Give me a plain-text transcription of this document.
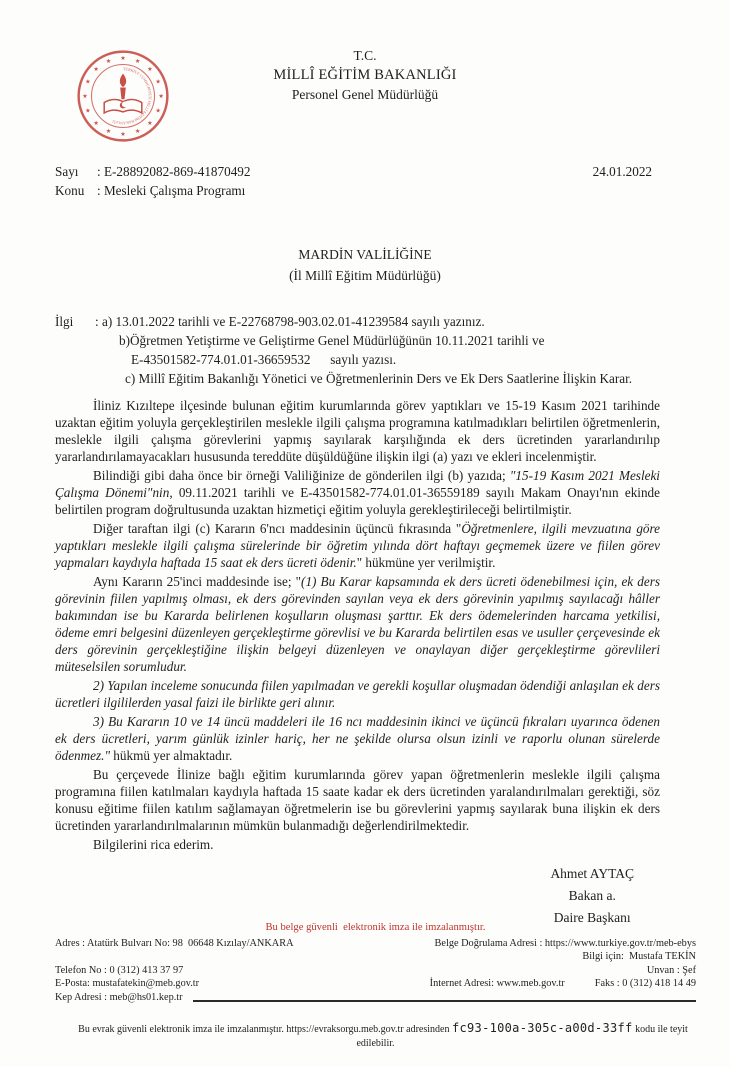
★ ★
★
★
★
★
★
★
★
★
★
★
★
★
★
★
TÜRKİYE CUMHURİYETİ MİLLÎ EĞİTİM BAKANLIĞI
T.C.
MİLLÎ EĞİTİM BAKANLIĞI
Personel Genel Müdürlüğü
Sayı	: E-28892082-869-41870492	24.01.2022
Konu : Mesleki Çalışma Programı
MARDİN VALİLİĞİNE
(İl Millî Eğitim Müdürlüğü)
İlgi	: a) 13.01.2022 tarihli ve E-22768798-903.02.01-41239584 sayılı yazınız.
b)Öğretmen Yetiştirme ve Geliştirme Genel Müdürlüğünün 10.11.2021 tarihli ve
E-43501582-774.01.01-36659532      sayılı yazısı.
c) Millî Eğitim Bakanlığı Yönetici ve Öğretmenlerinin Ders ve Ek Ders Saatlerine İlişkin Karar.

İliniz Kızıltepe ilçesinde bulunan eğitim kurumlarında görev yaptıkları ve 15-19 Kasım 2021 tarihinde uzaktan eğitim yoluyla gerçekleştirilen meslekle ilgili çalışma programına katılmadıkları belirtilen öğretmenlerin, meslekle ilgili çalışma görevlerini yapmış sayılarak karşılığında ek ders ücretinden yararlandırılıp yararlandırılamayacakları hususunda tereddüte düşüldüğüne ilişkin ilgi (a) yazı ve ekleri incelenmiştir.

Bilindiği gibi daha önce bir örneği Valiliğinize de gönderilen ilgi (b) yazıda; "15-19 Kasım 2021 Mesleki Çalışma Dönemi"nin, 09.11.2021 tarihli ve E-43501582-774.01.01-36559189 sayılı Makam Onayı'nın ekinde belirtilen program doğrultusunda uzaktan hizmetiçi eğitim yoluyla gerekleştirileceği belirtilmiştir.

Diğer taraftan ilgi (c) Kararın 6'ncı maddesinin üçüncü fıkrasında "Öğretmenlere, ilgili mevzuatına göre yaptıkları meslekle ilgili çalışma sürelerinde bir öğretim yılında dört haftayı geçmemek üzere ve fiilen görev yapmaları kaydıyla haftada 15 saat ek ders ücreti ödenir." hükmüne yer verilmiştir.

Aynı Kararın 25'inci maddesinde ise; "(1) Bu Karar kapsamında ek ders ücreti ödenebilmesi için, ek ders görevinin fiilen yapılmış olması, ek ders görevinden sayılan veya ek ders görevinin yapılmış sayılacağı hâller bakımından ise bu Kararda belirlenen koşulların oluşması şarttır. Ek ders ödemelerinden harcama yetkilisi, ödeme emri belgesini düzenleyen gerçekleştirme görevlisi ve bu Kararda belirtilen esas ve usuller çerçevesinde ek ders görevinin gerçekleştiğine ilişkin belgeyi düzenleyen ve onaylayan diğer gerçekleştirme görevlileri müteselsilen sorumludur.

2) Yapılan inceleme sonucunda fiilen yapılmadan ve gerekli koşullar oluşmadan ödendiği anlaşılan ek ders ücretleri ilgililerden yasal faizi ile birlikte geri alınır.

3) Bu Kararın 10 ve 14 üncü maddeleri ile 16 ncı maddesinin ikinci ve üçüncü fıkraları uyarınca ödenen ek ders ücretleri, yarım günlük izinler hariç, her ne şekilde olursa olsun izinli ve raporlu olunan sürelerde ödenmez." hükmü yer almaktadır.

Bu çerçevede İlinize bağlı eğitim kurumlarında görev yapan öğretmenlerin meslekle ilgili çalışma programına fiilen katılmaları kaydıyla haftada 15 saate kadar ek ders ücretinden yaralandırılmaları gerektiği, söz konusu eğitime fiilen katılım sağlamayan öğretmelerin ise bu görevlerini yapmış sayılarak buna ilişkin ek ders ücretinden yararlandırılmalarının mümkün bulanmadığı değerlendirilmektedir.

Bilgilerini rica ederim.

Ahmet AYTAÇ
Bakan a.
Daire Başkanı
Bu belge güvenli  elektronik imza ile imzalanmıştır.
Adres : Atatürk Bulvarı No: 98  06648 Kızılay/ANKARA	Belge Doğrulama Adresi : https://www.turkiye.gov.tr/meb-ebys
Bilgi için:  Mustafa TEKİN
Telefon No : 0 (312) 413 37 97	Unvan : Şef
E-Posta: mustafatekin@meb.gov.tr	İnternet Adresi: www.meb.gov.tr	Faks : 0 (312) 418 14 49
Kep Adresi : meb@hs01.kep.tr

Bu evrak güvenli elektronik imza ile imzalanmıştır. https://evraksorgu.meb.gov.tr adresinden fc93-100a-305c-a00d-33ff kodu ile teyit edilebilir.
